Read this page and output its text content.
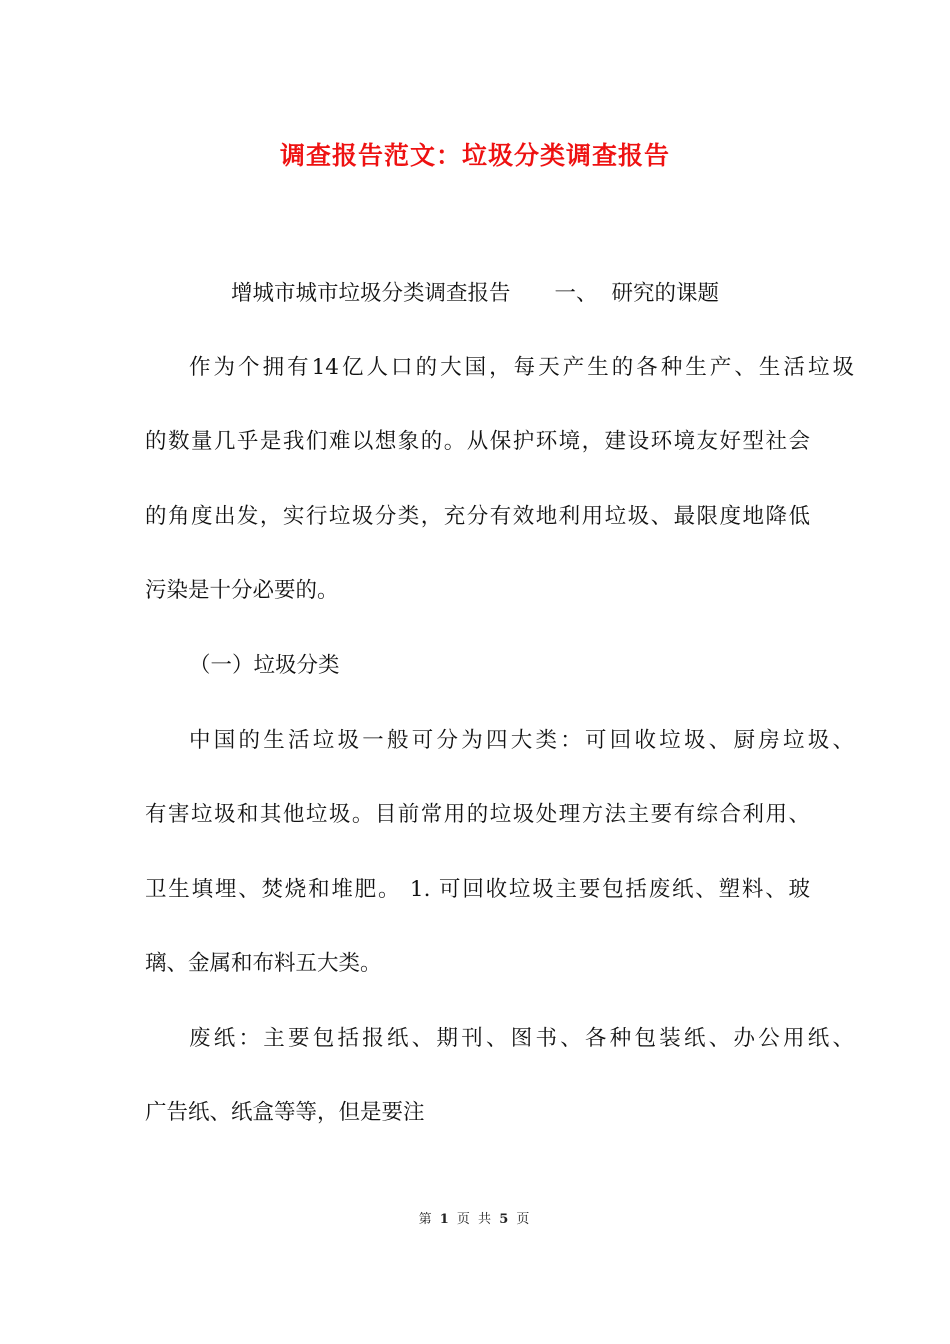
调查报告范文：垃圾分类调查报告
增城市城市垃圾分类调查报告 一、 研究的课题

作为个拥有14亿人口的大国，每天产生的各种生产、生活垃圾

的数量几乎是我们难以想象的。从保护环境，建设环境友好型社会

的角度出发，实行垃圾分类，充分有效地利用垃圾、最限度地降低

污染是十分必要的。

（一）垃圾分类

中国的生活垃圾一般可分为四大类：可回收垃圾、厨房垃圾、

有害垃圾和其他垃圾。目前常用的垃圾处理方法主要有综合利用、

卫生填埋、焚烧和堆肥。 1. 可回收垃圾主要包括废纸、塑料、玻

璃、金属和布料五大类。

废纸：主要包括报纸、期刊、图书、各种包装纸、办公用纸、

广告纸、纸盒等等，但是要注

第 1 页 共 5 页
